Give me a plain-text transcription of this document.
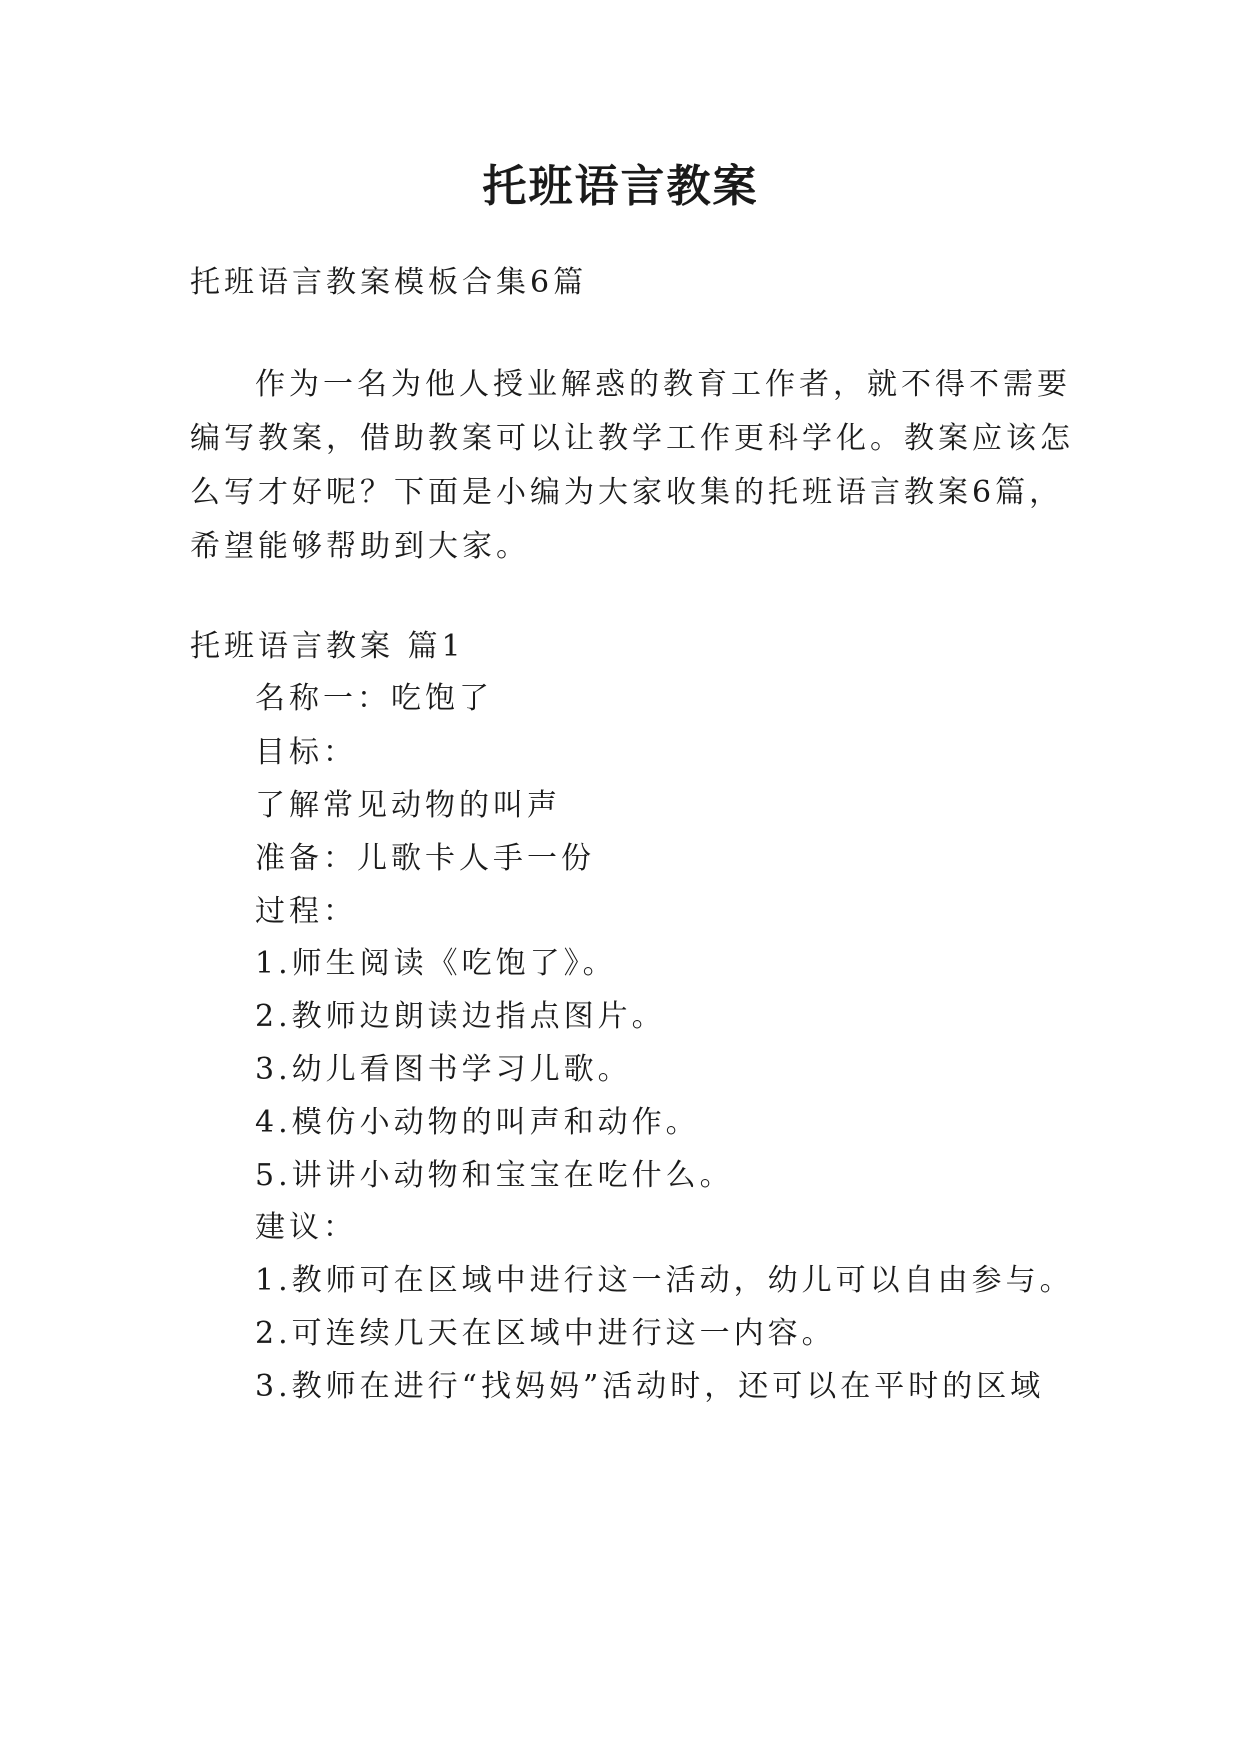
托班语言教案
托班语言教案模板合集6篇
作为一名为他人授业解惑的教育工作者，就不得不需要
编写教案，借助教案可以让教学工作更科学化。教案应该怎
么写才好呢？下面是小编为大家收集的托班语言教案6篇，
希望能够帮助到大家。
托班语言教案 篇1
名称一：吃饱了
目标：
了解常见动物的叫声
准备：儿歌卡人手一份
过程：
1.师生阅读《吃饱了》。
2.教师边朗读边指点图片。
3.幼儿看图书学习儿歌。
4.模仿小动物的叫声和动作。
5.讲讲小动物和宝宝在吃什么。
建议：
1.教师可在区域中进行这一活动，幼儿可以自由参与。
2.可连续几天在区域中进行这一内容。
3.教师在进行“找妈妈”活动时，还可以在平时的区域
